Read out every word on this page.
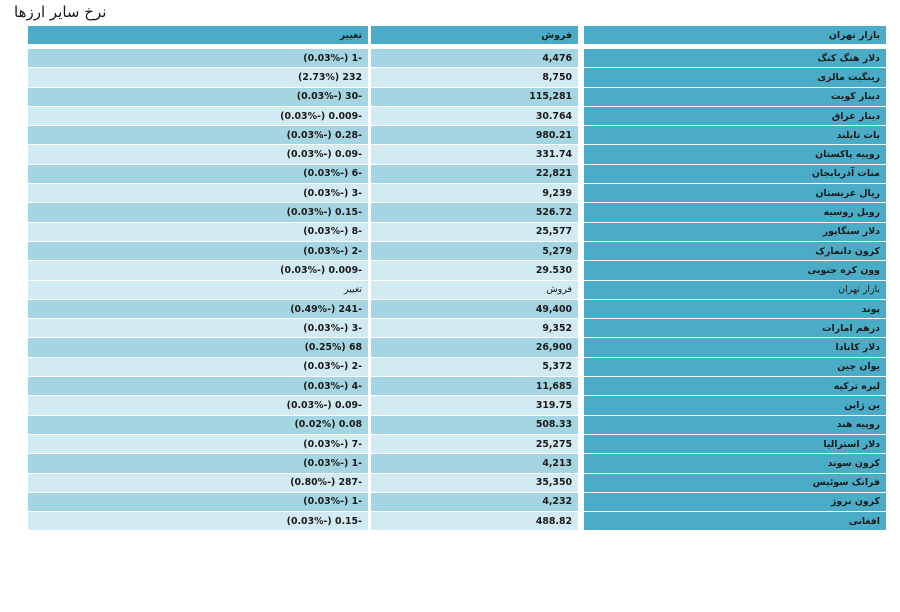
نرخ سایر ارزها
تغییر	فروش	بازار تهران

-1 (-0.03%)	4,476	دلار هنگ کنگ
232 (2.73%)	8,750	رینگیت مالزی
-30 (-0.03%)	115,281	دینار کویت
-0.009 (-0.03%)	30.764	دینار عراق
-0.28 (-0.03%)	980.21	بات تایلند
-0.09 (-0.03%)	331.74	روپیه پاکستان
-6 (-0.03%)	22,821	منات آذربایجان
-3 (-0.03%)	9,239	ریال عربستان
-0.15 (-0.03%)	526.72	روبل روسیه
-8 (-0.03%)	25,577	دلار سنگاپور
-2 (-0.03%)	5,279	کرون دانمارک
-0.009 (-0.03%)	29.530	وون کره جنوبی
تغییر	فروش	بازار تهران
-241 (-0.49%)	49,400	پوند
-3 (-0.03%)	9,352	درهم امارات
68 (0.25%)	26,900	دلار کانادا
-2 (-0.03%)	5,372	یوان چین
-4 (-0.03%)	11,685	لیره ترکیه
-0.09 (-0.03%)	319.75	ین ژاپن
0.08 (0.02%)	508.33	روپیه هند
-7 (-0.03%)	25,275	دلار استرالیا
-1 (-0.03%)	4,213	کرون سوند
-287 (-0.80%)	35,350	فرانک سوئیس
-1 (-0.03%)	4,232	کرون نروژ
-0.15 (-0.03%)	488.82	افغانی
